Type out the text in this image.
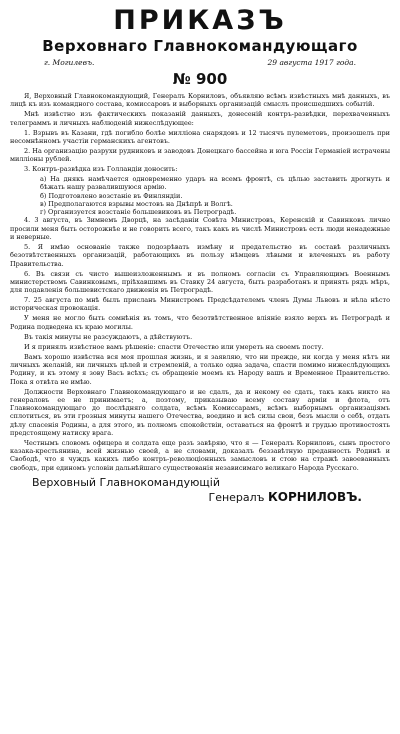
ПРИКАЗЪ
Верховнаго Главнокомандующаго
г. Могилевъ.	29 августа 1917 года.
№ 900

Я, Верховный Главнокомандующий, Генералъ Корниловъ, объявляю всѣмъ извѣстныхъ мнѣ данныхъ, въ лицѣ къ изъ командного состава, комиссаровъ и выборныхъ организацій смыслъ происшедшихъ событій.

Мнѣ извѣстно изъ фактическихъ показаній данныхъ, донесеній контръ-развѣдки, перехваченныхъ телеграммъ и личныхъ наблюденій нижеслѣдующее:

1. Взрывъ въ Казани, гдѣ погибло болѣе милліона снарядовъ и 12 тысячъ пулеметовъ, произошелъ при несомнѣнномъ участіи германскихъ агентовъ.

2. На организацію разрухи рудниковъ и заводовъ Донецкаго бассейна и юга Россіи Германіей истрачены милліоны рублей.

3. Контръ-развѣдка изъ Голландіи доносить:

а) На днякъ намѣчается одновременно ударъ на всемъ фронтѣ, съ цѣлью заставить дрогнуть и бѣжать нашу развалившуюся армію.

б) Подготовлено возстаніе въ Финляндіи.

в) Предполагаются взрывы мостовъ на Днѣпрѣ и Волгѣ.

г) Организуется возстаніе большевиковъ въ Петроградѣ.

4. 3 августа, въ Зимнемъ Дворцѣ, на засѣданіи Совѣта Министровъ, Керенскій и Савинковъ лично просили меня быть осторожнѣе и не говорить всего, такъ какъ въ числѣ Министровъ есть люди ненадежные и неверные.

5. Я имѣю основаніе также подозрѣвать измѣну и предательство въ составѣ различныхъ безотвѣтственныхъ организацій, работающихъ въ пользу нѣмцевъ лѣвыми и влеченыхъ въ работу Правительства.

6. Въ связи съ чисто вышеизложеннымъ и въ полномъ согласіи съ Управляющимъ Военнымъ министерствомъ Савинковымъ, пріѣхавшимъ въ Ставку 24 августа, быть разработанъ и принять рядъ мѣръ, для подавленія большевистскаго движенія въ Петроградѣ.

7. 25 августа по мнѣ былъ присланъ Министромъ Предсѣдателемъ членъ Думы Львовъ и нѣла нѣсто историческая провокація.

У меня не могло быть сомнѣнія въ томъ, что безотвѣтственное вліяніе взяло верхъ въ Петроградѣ и Родина подведена къ краю могилы.

Въ такія минуты не разсуждаютъ, а дѣйствуютъ.

И я принялъ извѣстное вамъ рѣшеніе: спасти Отечество или умереть на своемъ посту.

Вамъ хорошо извѣстна вся моя прошлая жизнь, и я заявляю, что ни прежде, ни когда у меня нѣтъ ни личныхъ желаній, ни личныхъ цѣлей и стремленій, а только одна задача, спасти помимо нижеслѣдующихъ Родину, и къ этому я зову Васъ всѣхъ; съ обращеніе моемъ къ Народу вашъ и Временное Правительство. Пока я отвѣта не имѣю.

Должности Верховнаго Главнокомандующаго и не сдалъ, да и некому ее сдать, такъ какъ никто на генераловъ ее не принимаетъ; а, поэтому, приказываю всему составу арміи и флота, отъ Главнокомандующаго до послѣдняго солдата, всѣмъ Комиссарамъ, всѣмъ выборнымъ организаціямъ сплотиться, въ эти грозныя минуты нашего Отечества, воедино и всѣ силы свои, безъ мысли о себѣ, отдать дѣлу спасенія Родины, а для этого, въ полномъ спокойствіи, оставаться на фронтѣ и грудью противостоять предстоящему натиску врага.

Честнымъ словомъ офицера и солдата еще разъ завѣряю, что я — Генералъ Корниловъ, сынъ простого казака-крестьянина, всей жизнью своей, а не словами, доказалъ беззавѣтную преданность Родинѣ и Свободѣ, что я чуждъ какихъ либо контръ-революціонныхъ замысловъ и стою на стражѣ завоеванныхъ свободъ, при единомъ условіи дальнѣйшаго существованія независимаго великаго Народа Русскаго.

Верховный Главнокомандующій
Генералъ КОРНИЛОВЪ.
